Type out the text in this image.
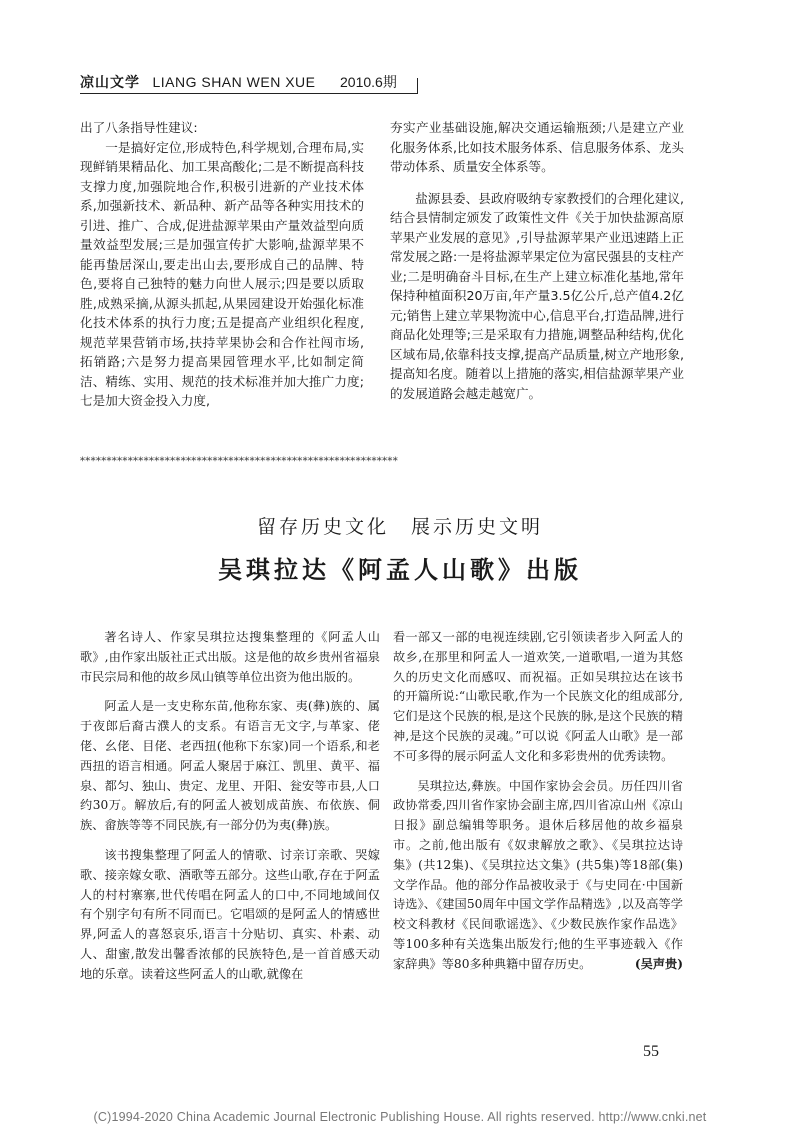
凉山文学 LIANG SHAN WEN XUE 2010.6期

出了八条指导性建议:

一是搞好定位,形成特色,科学规划,合理布局,实现鲜销果精品化、加工果高酸化;二是不断提高科技支撑力度,加强院地合作,积极引进新的产业技术体系,加强新技术、新品种、新产品等各种实用技术的引进、推广、合成,促进盐源苹果由产量效益型向质量效益型发展;三是加强宣传扩大影响,盐源苹果不能再蛰居深山,要走出山去,要形成自己的品牌、特色,要将自己独特的魅力向世人展示;四是要以质取胜,成熟采摘,从源头抓起,从果园建设开始强化标准化技术体系的执行力度;五是提高产业组织化程度,规范苹果营销市场,扶持苹果协会和合作社闯市场,拓销路;六是努力提高果园管理水平,比如制定简洁、精练、实用、规范的技术标准并加大推广力度;七是加大资金投入力度,

夯实产业基础设施,解决交通运输瓶颈;八是建立产业化服务体系,比如技术服务体系、信息服务体系、龙头带动体系、质量安全体系等。

盐源县委、县政府吸纳专家教授们的合理化建议,结合县情制定颁发了政策性文件《关于加快盐源高原苹果产业发展的意见》,引导盐源苹果产业迅速踏上正常发展之路:一是将盐源苹果定位为富民强县的支柱产业;二是明确奋斗目标,在生产上建立标准化基地,常年保持种植面积20万亩,年产量3.5亿公斤,总产值4.2亿元;销售上建立苹果物流中心,信息平台,打造品牌,进行商品化处理等;三是采取有力措施,调整品种结构,优化区域布局,依靠科技支撑,提高产品质量,树立产地形象,提高知名度。随着以上措施的落实,相信盐源苹果产业的发展道路会越走越宽广。

************************************************************
留存历史文化　展示历史文明
吴琪拉达《阿孟人山歌》出版

著名诗人、作家吴琪拉达搜集整理的《阿孟人山歌》,由作家出版社正式出版。这是他的故乡贵州省福泉市民宗局和他的故乡凤山镇等单位出资为他出版的。

阿孟人是一支史称东苗,他称东家、夷(彝)族的、属于夜郎后裔古濮人的支系。有语言无文字,与革家、佬佬、幺佬、目佬、老西扭(他称下东家)同一个语系,和老西扭的语言相通。阿孟人聚居于麻江、凯里、黄平、福泉、都匀、独山、贵定、龙里、开阳、瓮安等市县,人口约30万。解放后,有的阿孟人被划成苗族、布依族、侗族、畲族等等不同民族,有一部分仍为夷(彝)族。

该书搜集整理了阿孟人的情歌、讨亲订亲歌、哭嫁歌、接亲嫁女歌、酒歌等五部分。这些山歌,存在于阿孟人的村村寨寨,世代传唱在阿孟人的口中,不同地域间仅有个别字句有所不同而已。它唱颂的是阿孟人的情感世界,阿孟人的喜怒哀乐,语言十分贴切、真实、朴素、动人、甜蜜,散发出馨香浓郁的民族特色,是一首首感天动地的乐章。读着这些阿孟人的山歌,就像在

看一部又一部的电视连续剧,它引领读者步入阿孟人的故乡,在那里和阿孟人一道欢笑,一道歌唱,一道为其悠久的历史文化而感叹、而祝福。正如吴琪拉达在该书的开篇所说:“山歌民歌,作为一个民族文化的组成部分,它们是这个民族的根,是这个民族的脉,是这个民族的精神,是这个民族的灵魂。”可以说《阿孟人山歌》是一部不可多得的展示阿孟人文化和多彩贵州的优秀读物。

吴琪拉达,彝族。中国作家协会会员。历任四川省政协常委,四川省作家协会副主席,四川省凉山州《凉山日报》副总编辑等职务。退休后移居他的故乡福泉市。之前,他出版有《奴隶解放之歌》、《吴琪拉达诗集》(共12集)、《吴琪拉达文集》(共5集)等18部(集)文学作品。他的部分作品被收录于《与史同在·中国新诗选》、《建国50周年中国文学作品精选》,以及高等学校文科教材《民间歌谣选》、《少数民族作家作品选》等100多种有关选集出版发行;他的生平事迹载入《作家辞典》等80多种典籍中留存历史。	(吴声贵)
55
(C)1994-2020 China Academic Journal Electronic Publishing House. All rights reserved. http://www.cnki.net
